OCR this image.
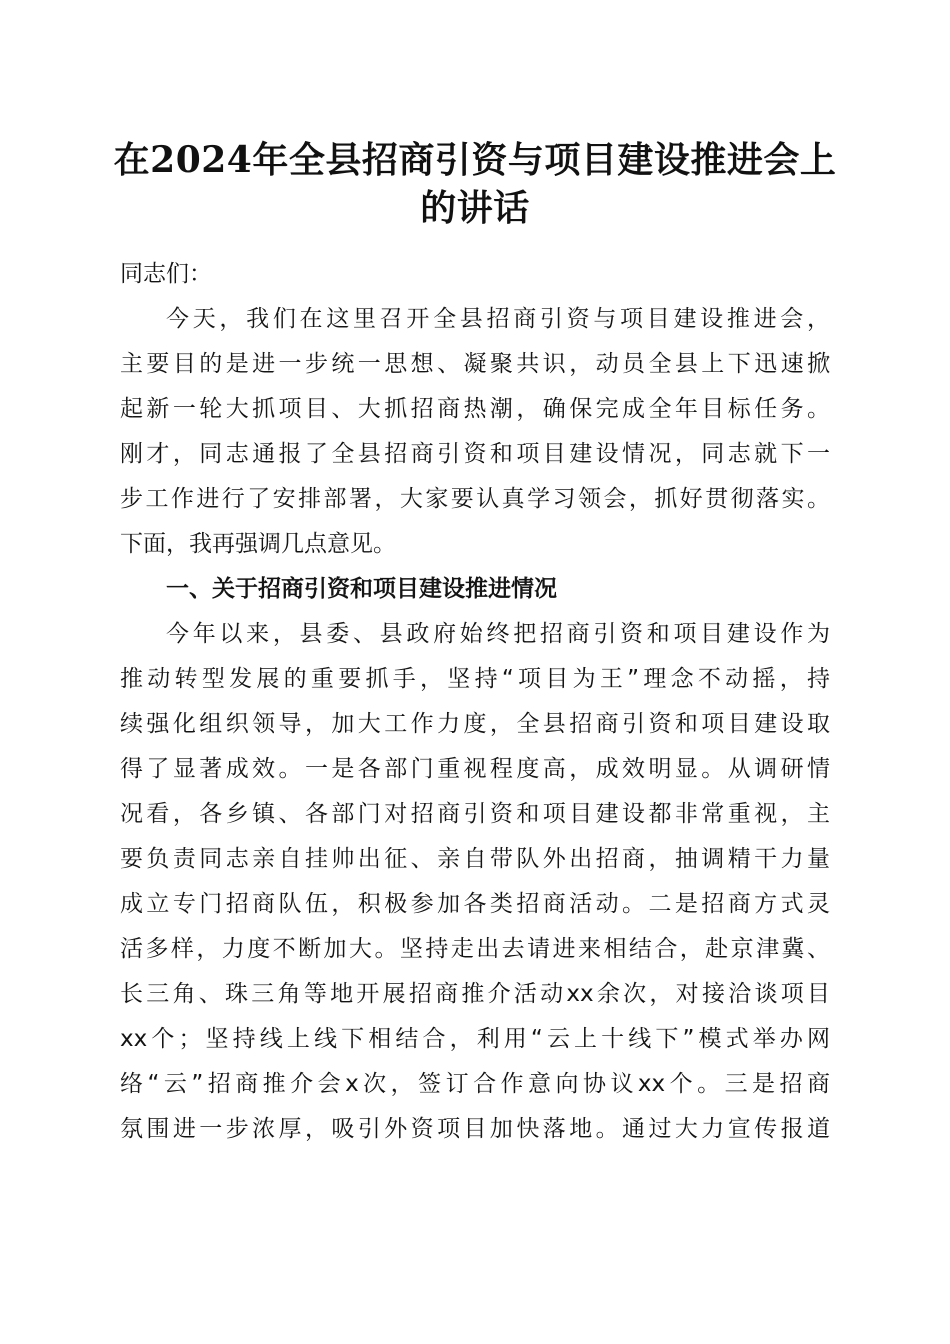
在2024年全县招商引资与项目建设推进会上
的讲话
同志们：
今天，我们在这里召开全县招商引资与项目建设推进会，
主要目的是进一步统一思想、凝聚共识，动员全县上下迅速掀
起新一轮大抓项目、大抓招商热潮，确保完成全年目标任务。
刚才，同志通报了全县招商引资和项目建设情况，同志就下一
步工作进行了安排部署，大家要认真学习领会，抓好贯彻落实。
下面，我再强调几点意见。
一、关于招商引资和项目建设推进情况
今年以来，县委、县政府始终把招商引资和项目建设作为
推动转型发展的重要抓手，坚持“项目为王”理念不动摇，持
续强化组织领导，加大工作力度，全县招商引资和项目建设取
得了显著成效。一是各部门重视程度高，成效明显。从调研情
况看，各乡镇、各部门对招商引资和项目建设都非常重视，主
要负责同志亲自挂帅出征、亲自带队外出招商，抽调精干力量
成立专门招商队伍，积极参加各类招商活动。二是招商方式灵
活多样，力度不断加大。坚持走出去请进来相结合，赴京津冀、
长三角、珠三角等地开展招商推介活动xx余次，对接洽谈项目
xx个；坚持线上线下相结合，利用“云上十线下”模式举办网
络“云”招商推介会x次，签订合作意向协议xx个。三是招商
氛围进一步浓厚，吸引外资项目加快落地。通过大力宣传报道
